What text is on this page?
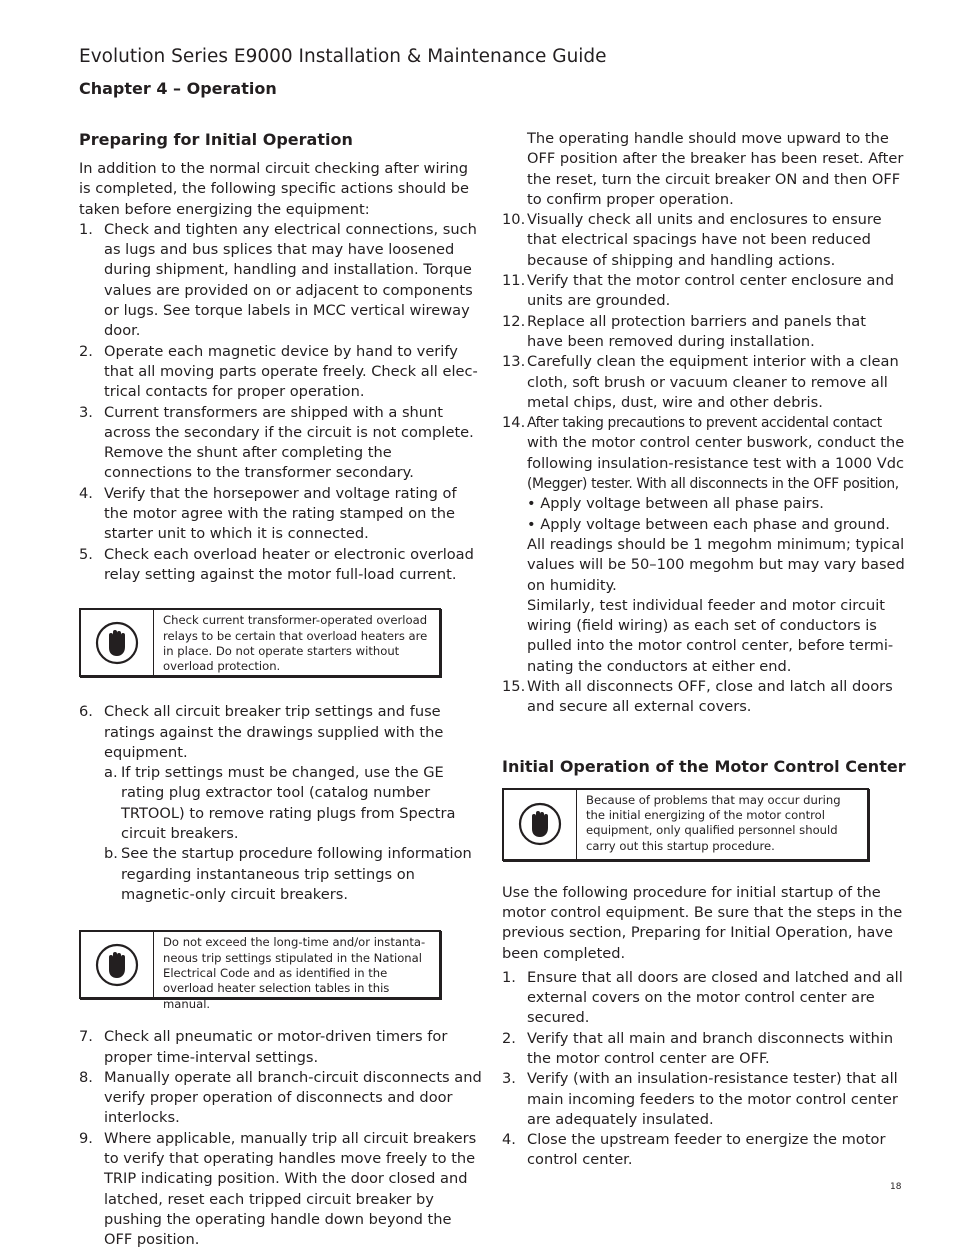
Evolution Series E9000 Installation & Maintenance Guide
Chapter 4 – Operation
Preparing for Initial Operation

In addition to the normal circuit checking after wiring is completed, the following specific actions should be taken before energizing the equipment:

1. Check and tighten any electrical connections, such as lugs and bus splices that may have loosened during shipment, handling and installation. Torque values are provided on or adjacent to components or lugs. See torque labels in MCC vertical wireway door.
2. Operate each magnetic device by hand to verify that all moving parts operate freely. Check all elec-trical contacts for proper operation.
3. Current transformers are shipped with a shunt across the secondary if the circuit is not complete. Remove the shunt after completing the connections to the transformer secondary.
4. Verify that the horsepower and voltage rating of the motor agree with the rating stamped on the starter unit to which it is connected.
5. Check each overload heater or electronic overload relay setting against the motor full-load current.
Check current transformer-operated overload relays to be certain that overload heaters are in place. Do not operate starters without overload protection.
6. Check all circuit breaker trip settings and fuse ratings against the drawings supplied with the equipment.
a. If trip settings must be changed, use the GE rating plug extractor tool (catalog number TRTOOL) to remove rating plugs from Spectra circuit breakers.
b. See the startup procedure following information regarding instantaneous trip settings on magnetic-only circuit breakers.
Do not exceed the long-time and/or instanta-neous trip settings stipulated in the National Electrical Code and as identified in the overload heater selection tables in this manual.
7. Check all pneumatic or motor-driven timers for proper time-interval settings.
8. Manually operate all branch-circuit disconnects and verify proper operation of disconnects and door interlocks.
9. Where applicable, manually trip all circuit breakers to verify that operating handles move freely to the TRIP indicating position. With the door closed and latched, reset each tripped circuit breaker by pushing the operating handle down beyond the OFF position.

The operating handle should move upward to the OFF position after the breaker has been reset. After the reset, turn the circuit breaker ON and then OFF to confirm proper operation.

10. Visually check all units and enclosures to ensure that electrical spacings have not been reduced because of shipping and handling actions.
11. Verify that the motor control center enclosure and units are grounded.
12. Replace all protection barriers and panels that have been removed during installation.
13. Carefully clean the equipment interior with a clean cloth, soft brush or vacuum cleaner to remove all metal chips, dust, wire and other debris.
14. After taking precautions to prevent accidental contact
with the motor control center buswork, conduct the following insulation-resistance test with a 1000 Vdc
(Megger) tester. With all disconnects in the OFF position,
• Apply voltage between all phase pairs.
• Apply voltage between each phase and ground.
All readings should be 1 megohm minimum; typical values will be 50–100 megohm but may vary based on humidity.
Similarly, test individual feeder and motor circuit wiring (field wiring) as each set of conductors is pulled into the motor control center, before termi-nating the conductors at either end.
15. With all disconnects OFF, close and latch all doors and secure all external covers.
Initial Operation of the Motor Control Center
Because of problems that may occur during the initial energizing of the motor control equipment, only qualified personnel should carry out this startup procedure.

Use the following procedure for initial startup of the motor control equipment. Be sure that the steps in the previous section, Preparing for Initial Operation, have been completed.

1. Ensure that all doors are closed and latched and all external covers on the motor control center are secured.
2. Verify that all main and branch disconnects within the motor control center are OFF.
3. Verify (with an insulation-resistance tester) that all main incoming feeders to the motor control center are adequately insulated.
4. Close the upstream feeder to energize the motor control center.
18
